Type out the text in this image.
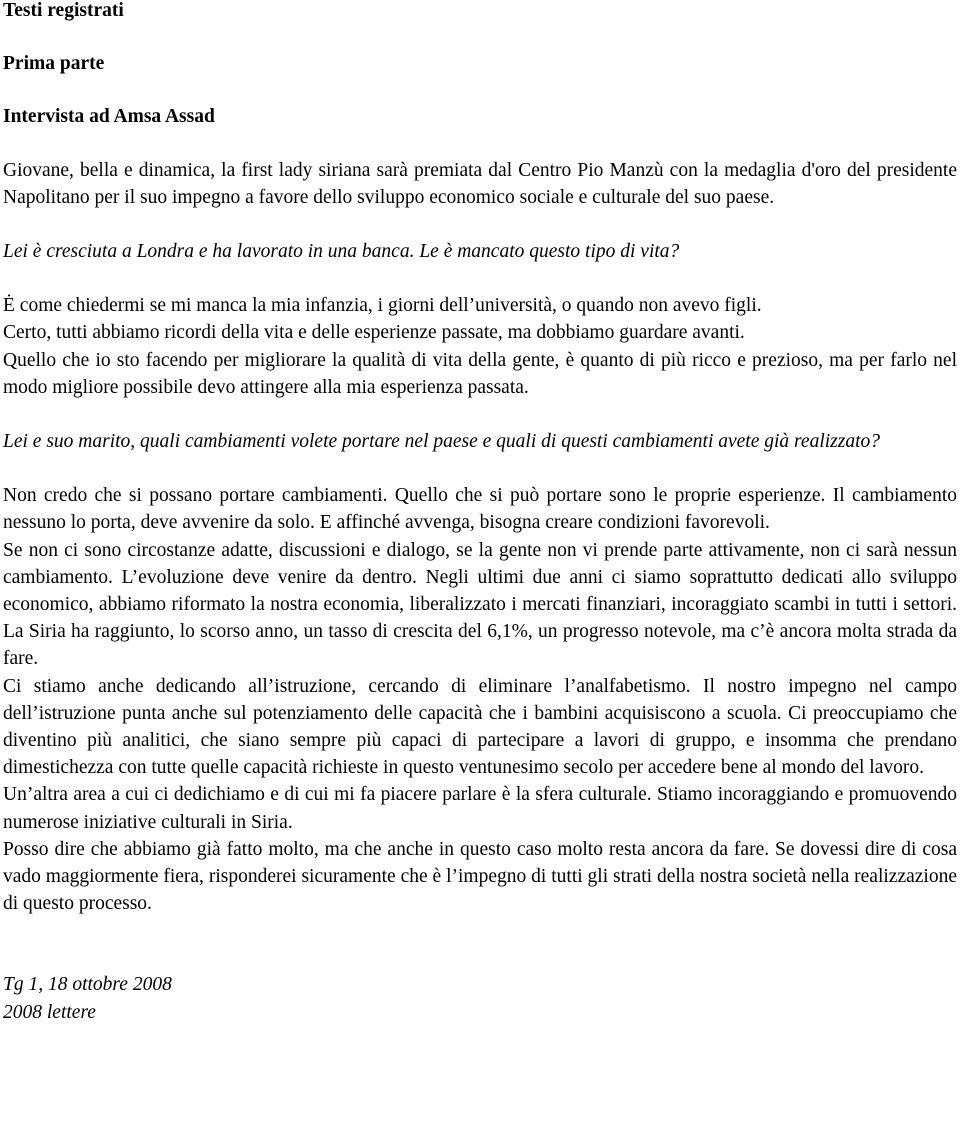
Testi registrati
Prima parte
Intervista ad Amsa Assad

Giovane, bella e dinamica, la first lady siriana sarà premiata dal Centro Pio Manzù con la medaglia d'oro del presidente Napolitano per il suo impegno a favore dello sviluppo economico sociale e culturale del suo paese.

Lei è cresciuta a Londra e ha lavorato in una banca. Le è mancato questo tipo di vita?

Ė come chiedermi se mi manca la mia infanzia, i giorni dell’università, o quando non avevo figli.

Certo, tutti abbiamo ricordi della vita e delle esperienze passate, ma dobbiamo guardare avanti.

Quello che io sto facendo per migliorare la qualità di vita della gente, è quanto di più ricco e prezioso, ma per farlo nel modo migliore possibile devo attingere alla mia esperienza passata.

Lei e suo marito, quali cambiamenti volete portare nel paese e quali di questi cambiamenti avete già realizzato?

Non credo che si possano portare cambiamenti. Quello che si può portare sono le proprie esperienze. Il cambiamento nessuno lo porta, deve avvenire da solo. E affinché avvenga, bisogna creare condizioni favorevoli.

Se non ci sono circostanze adatte, discussioni e dialogo, se la gente non vi prende parte attivamente, non ci sarà nessun cambiamento. L’evoluzione deve venire da dentro. Negli ultimi due anni ci siamo soprattutto dedicati allo sviluppo economico, abbiamo riformato la nostra economia, liberalizzato i mercati finanziari, incoraggiato scambi in tutti i settori. La Siria ha raggiunto, lo scorso anno, un tasso di crescita del 6,1%, un progresso notevole, ma c’è ancora molta strada da fare.

Ci stiamo anche dedicando all’istruzione, cercando di eliminare l’analfabetismo. Il nostro impegno nel campo dell’istruzione punta anche sul potenziamento delle capacità che i bambini acquisiscono a scuola. Ci preoccupiamo che diventino più analitici, che siano sempre più capaci di partecipare a lavori di gruppo, e insomma che prendano dimestichezza con tutte quelle capacità richieste in questo ventunesimo secolo per accedere bene al mondo del lavoro.

Un’altra area a cui ci dedichiamo e di cui mi fa piacere parlare è la sfera culturale. Stiamo incoraggiando e promuovendo numerose iniziative culturali in Siria.

Posso dire che abbiamo già fatto molto, ma che anche in questo caso molto resta ancora da fare. Se dovessi dire di cosa vado maggiormente fiera, risponderei sicuramente che è l’impegno di tutti gli strati della nostra società nella realizzazione di questo processo.

Tg 1, 18 ottobre 2008
2008 lettere
